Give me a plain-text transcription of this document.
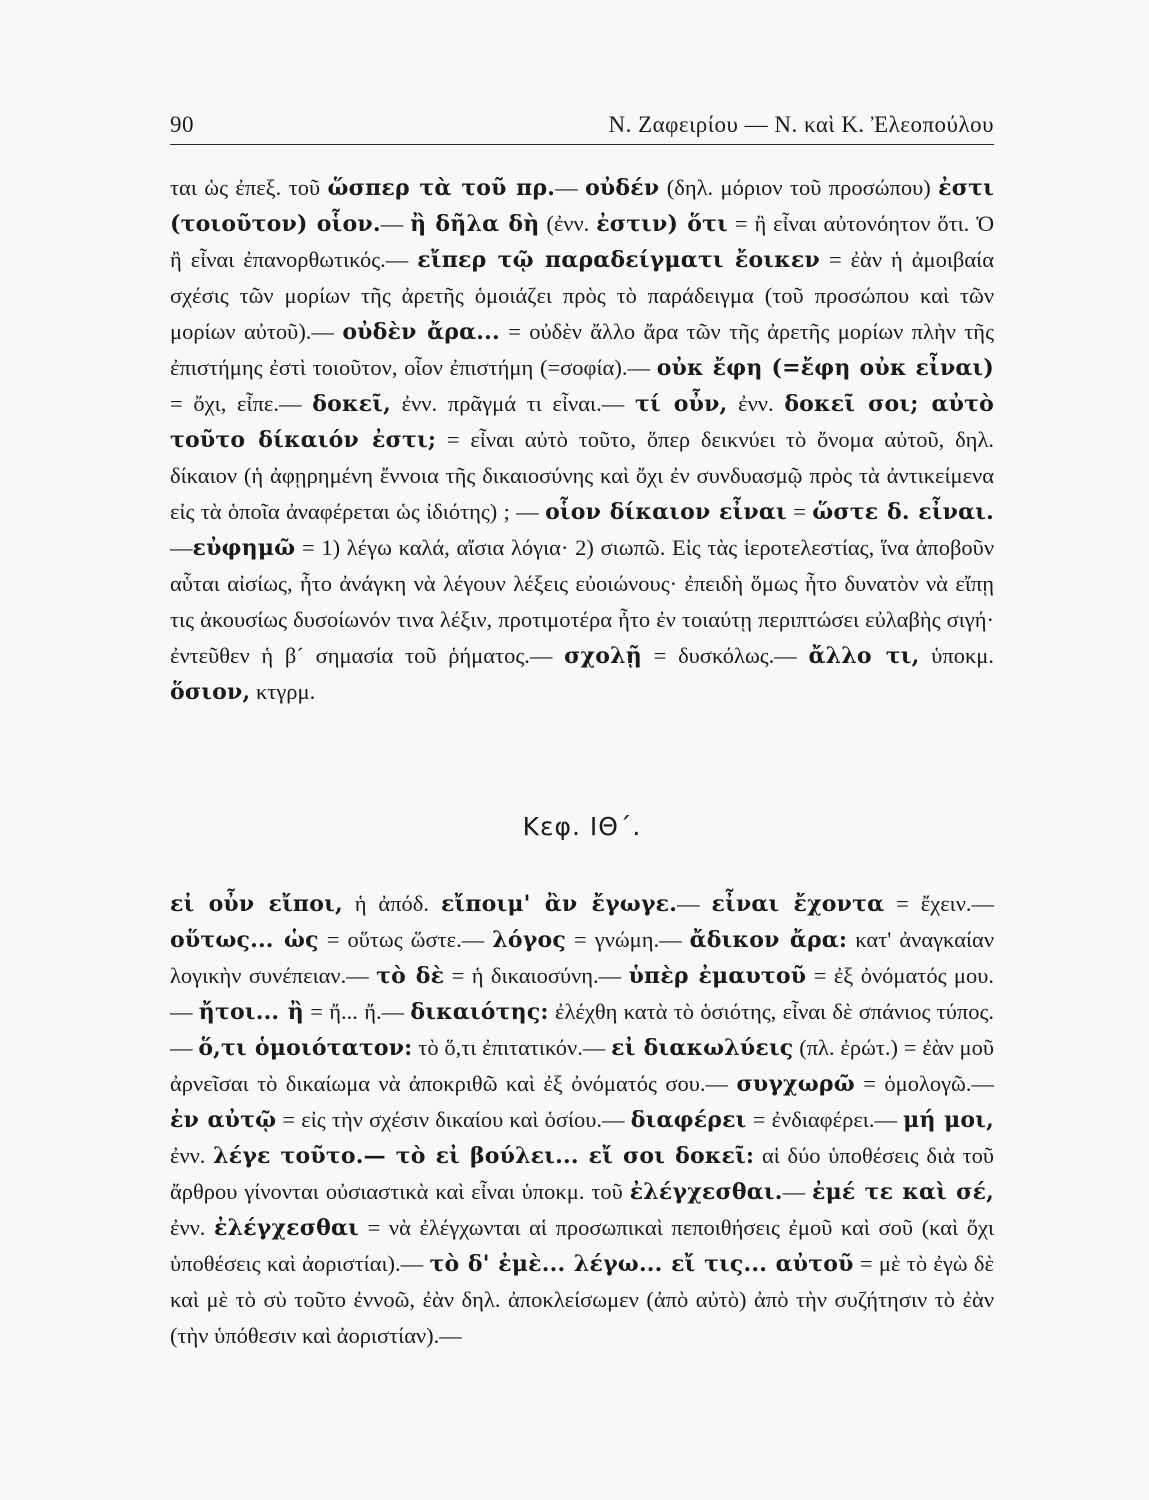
90	Ν. Ζαφειρίου — Ν. καὶ Κ. Ἐλεοπούλου

ται ὡς ἐπεξ. τοῦ ὥσπερ τὰ τοῦ πρ.— οὐδέν (δηλ. μόριον τοῦ προσώπου) ἐστι (τοιοῦτον) οἷον.— ἢ δῆλα δὴ (ἐνν. ἐστιν) ὅτι = ἢ εἶναι αὐτονόητον ὅτι. Ὁ ἢ εἶναι ἐπανορθωτικός.— εἴπερ τῷ παραδείγματι ἔοικεν = ἐὰν ἡ ἀμοιβαία σχέσις τῶν μορίων τῆς ἀρετῆς ὁμοιάζει πρὸς τὸ παράδειγμα (τοῦ προσώπου καὶ τῶν μορίων αὐτοῦ).— οὐδὲν ἄρα... = οὐδὲν ἄλλο ἄρα τῶν τῆς ἀρετῆς μορίων πλὴν τῆς ἐπιστήμης ἐστὶ τοιοῦτον, οἷον ἐπιστήμη (=σοφία).— οὐκ ἔφη (=ἔφη οὐκ εἶναι) = ὄχι, εἶπε.— δοκεῖ, ἐνν. πρᾶγμά τι εἶναι.— τί οὖν, ἐνν. δοκεῖ σοι; αὐτὸ τοῦτο δίκαιόν ἐστι; = εἶναι αὐτὸ τοῦτο, ὅπερ δεικνύει τὸ ὄνομα αὐτοῦ, δηλ. δίκαιον (ἡ ἀφῃρημένη ἔννοια τῆς δικαιοσύνης καὶ ὄχι ἐν συνδυασμῷ πρὸς τὰ ἀντικείμενα εἰς τὰ ὁποῖα ἀναφέρεται ὡς ἰδιότης) ; — οἷον δίκαιον εἶναι = ὥστε δ. εἶναι.—εὐφημῶ = 1) λέγω καλά, αἴσια λόγια· 2) σιωπῶ. Εἰς τὰς ἱεροτελεστίας, ἵνα ἀποβοῦν αὗται αἰσίως, ἦτο ἀνάγκη νὰ λέγουν λέξεις εὐοιώνους· ἐπειδὴ ὅμως ἦτο δυνατὸν νὰ εἴπῃ τις ἀκουσίως δυσοίωνόν τινα λέξιν, προτιμοτέρα ἦτο ἐν τοιαύτῃ περιπτώσει εὐλαβὴς σιγή· ἐντεῦθεν ἡ β´ σημασία τοῦ ῥήματος.— σχολῇ = δυσκόλως.— ἄλλο τι, ὑποκμ. ὅσιον, κτγρμ.

Κεφ. ΙΘ΄.

εἰ οὖν εἴποι, ἡ ἀπόδ. εἴποιμ' ἂν ἔγωγε.— εἶναι ἔχοντα = ἔχειν.— οὕτως... ὡς = οὕτως ὥστε.— λόγος = γνώμη.— ἄδικον ἄρα: κατ' ἀναγκαίαν λογικὴν συνέπειαν.— τὸ δὲ = ἡ δικαιοσύνη.— ὑπὲρ ἐμαυτοῦ = ἐξ ὀνόματός μου.— ἤτοι... ἢ = ἤ... ἤ.— δικαιότης: ἐλέχθη κατὰ τὸ ὁσιότης, εἶναι δὲ σπάνιος τύπος.— ὅ,τι ὁμοιότατον: τὸ ὅ,τι ἐπιτατικόν.— εἰ διακωλύεις (πλ. ἐρώτ.) = ἐὰν μοῦ ἀρνεῖσαι τὸ δικαίωμα νὰ ἀποκριθῶ καὶ ἐξ ὀνόματός σου.— συγχωρῶ = ὁμολογῶ.— ἐν αὐτῷ = εἰς τὴν σχέσιν δικαίου καὶ ὁσίου.— διαφέρει = ἐνδιαφέρει.— μή μοι, ἐνν. λέγε τοῦτο.— τὸ εἰ βούλει... εἴ σοι δοκεῖ: αἱ δύο ὑποθέσεις διὰ τοῦ ἄρθρου γίνονται οὐσιαστικὰ καὶ εἶναι ὑποκμ. τοῦ ἐλέγχεσθαι.— ἐμέ τε καὶ σέ, ἐνν. ἐλέγχεσθαι = νὰ ἐλέγχωνται αἱ προσωπικαὶ πεποιθήσεις ἐμοῦ καὶ σοῦ (καὶ ὄχι ὑποθέσεις καὶ ἀοριστίαι).— τὸ δ' ἐμὲ... λέγω... εἴ τις... αὐτοῦ = μὲ τὸ ἐγὼ δὲ καὶ μὲ τὸ σὺ τοῦτο ἐννοῶ, ἐὰν δηλ. ἀποκλείσωμεν (ἀπὸ αὐτὸ) ἀπὸ τὴν συζήτησιν τὸ ἐὰν (τὴν ὑπόθεσιν καὶ ἀοριστίαν).—
